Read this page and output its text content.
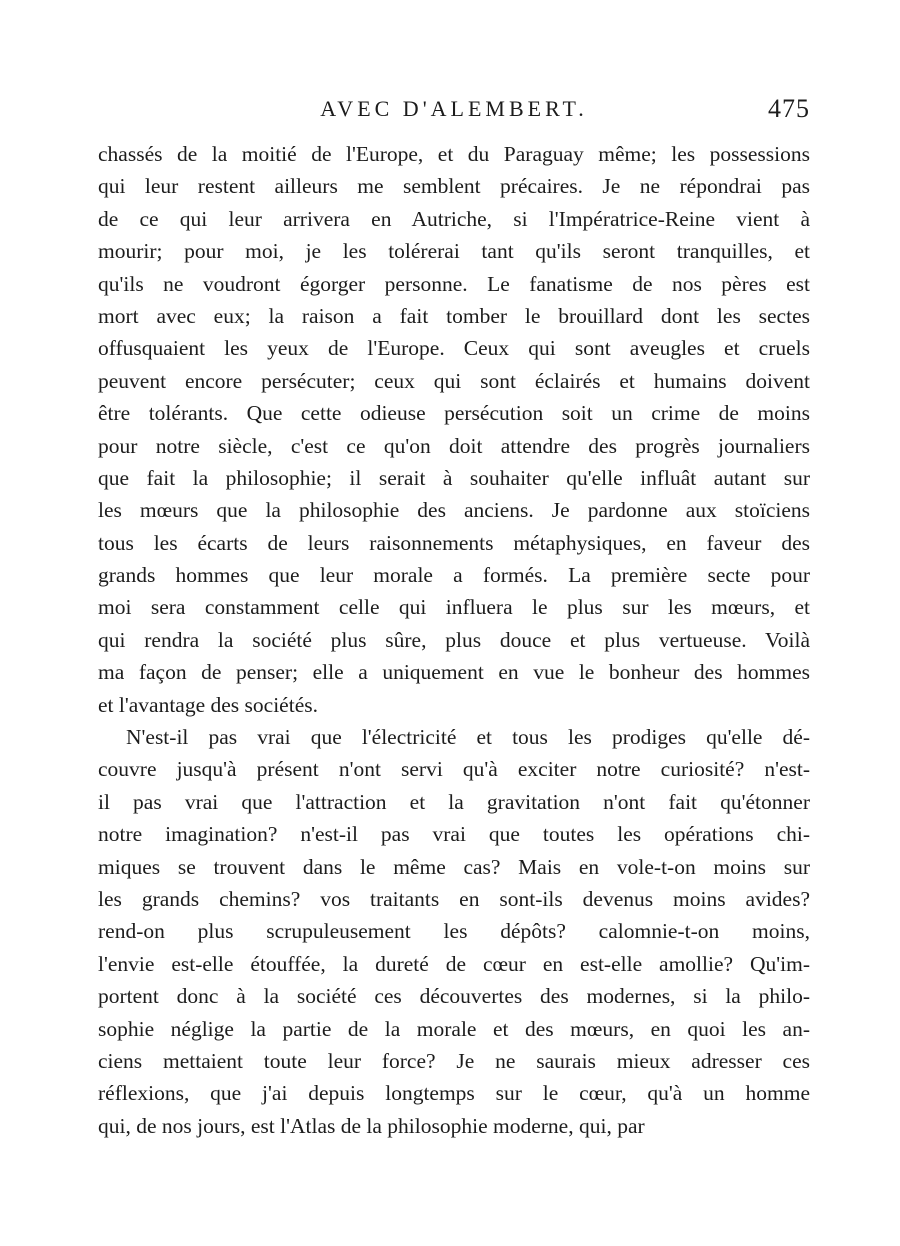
AVEC D'ALEMBERT.	475
chassés de la moitié de l'Europe, et du Paraguay même; les possessions
qui leur restent ailleurs me semblent précaires. Je ne répondrai pas
de ce qui leur arrivera en Autriche, si l'Impératrice-Reine vient à
mourir; pour moi, je les tolérerai tant qu'ils seront tranquilles, et
qu'ils ne voudront égorger personne. Le fanatisme de nos pères est
mort avec eux; la raison a fait tomber le brouillard dont les sectes
offusquaient les yeux de l'Europe. Ceux qui sont aveugles et cruels
peuvent encore persécuter; ceux qui sont éclairés et humains doivent
être tolérants. Que cette odieuse persécution soit un crime de moins
pour notre siècle, c'est ce qu'on doit attendre des progrès journaliers
que fait la philosophie; il serait à souhaiter qu'elle influât autant sur
les mœurs que la philosophie des anciens. Je pardonne aux stoïciens
tous les écarts de leurs raisonnements métaphysiques, en faveur des
grands hommes que leur morale a formés. La première secte pour
moi sera constamment celle qui influera le plus sur les mœurs, et
qui rendra la société plus sûre, plus douce et plus vertueuse. Voilà
ma façon de penser; elle a uniquement en vue le bonheur des hommes
et l'avantage des sociétés.
N'est-il pas vrai que l'électricité et tous les prodiges qu'elle dé-
couvre jusqu'à présent n'ont servi qu'à exciter notre curiosité? n'est-
il pas vrai que l'attraction et la gravitation n'ont fait qu'étonner
notre imagination? n'est-il pas vrai que toutes les opérations chi-
miques se trouvent dans le même cas? Mais en vole-t-on moins sur
les grands chemins? vos traitants en sont-ils devenus moins avides?
rend-on plus scrupuleusement les dépôts? calomnie-t-on moins,
l'envie est-elle étouffée, la dureté de cœur en est-elle amollie? Qu'im-
portent donc à la société ces découvertes des modernes, si la philo-
sophie néglige la partie de la morale et des mœurs, en quoi les an-
ciens mettaient toute leur force? Je ne saurais mieux adresser ces
réflexions, que j'ai depuis longtemps sur le cœur, qu'à un homme
qui, de nos jours, est l'Atlas de la philosophie moderne, qui, par
